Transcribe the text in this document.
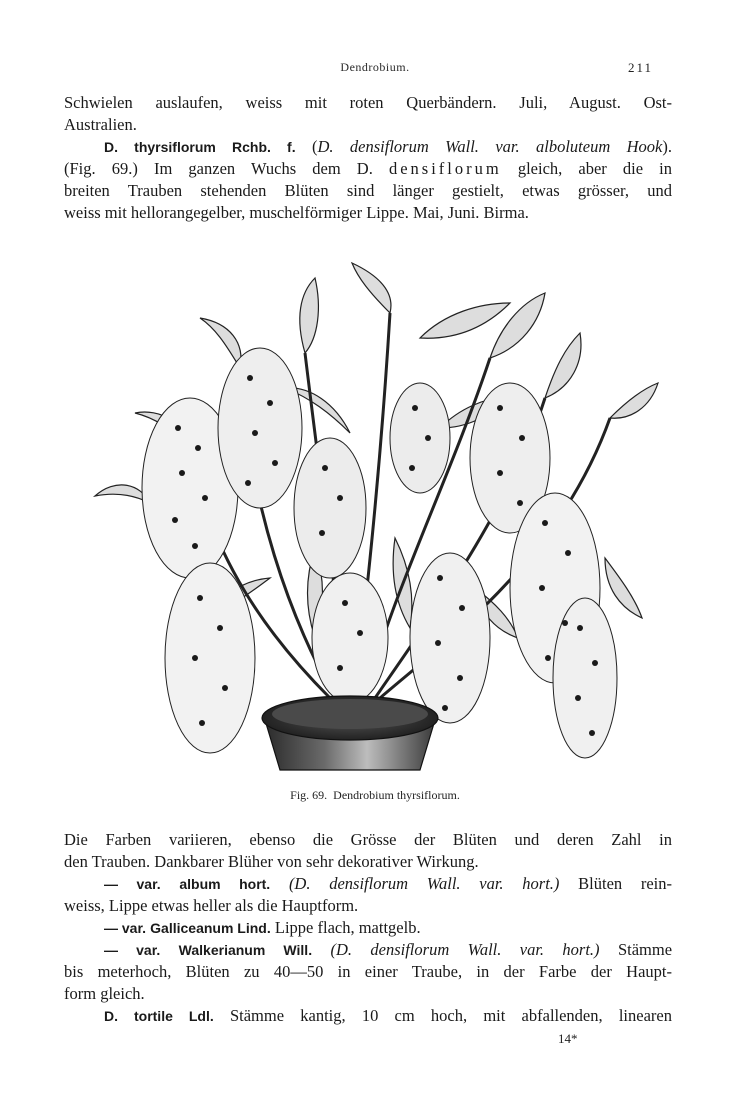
Dendrobium.	211
Schwielen auslaufen, weiss mit roten Querbändern. Juli, August. Ost-
Australien.
D. thyrsiflorum Rchb. f. (D. densiflorum Wall. var. alboluteum Hook).
(Fig. 69.) Im ganzen Wuchs dem D. densiflorum gleich, aber die in
breiten Trauben stehenden Blüten sind länger gestielt, etwas grösser, und
weiss mit hellorangegelber, muschelförmiger Lippe. Mai, Juni. Birma.
Fig. 69. Dendrobium thyrsiflorum.
Die Farben variieren, ebenso die Grösse der Blüten und deren Zahl in
den Trauben. Dankbarer Blüher von sehr dekorativer Wirkung.
— var. album hort. (D. densiflorum Wall. var. hort.) Blüten rein-
weiss, Lippe etwas heller als die Hauptform.
— var. Galliceanum Lind. Lippe flach, mattgelb.
— var. Walkerianum Will. (D. densiflorum Wall. var. hort.) Stämme
bis meterhoch, Blüten zu 40—50 in einer Traube, in der Farbe der Haupt-
form gleich.
D. tortile Ldl. Stämme kantig, 10 cm hoch, mit abfallenden, linearen
14*
